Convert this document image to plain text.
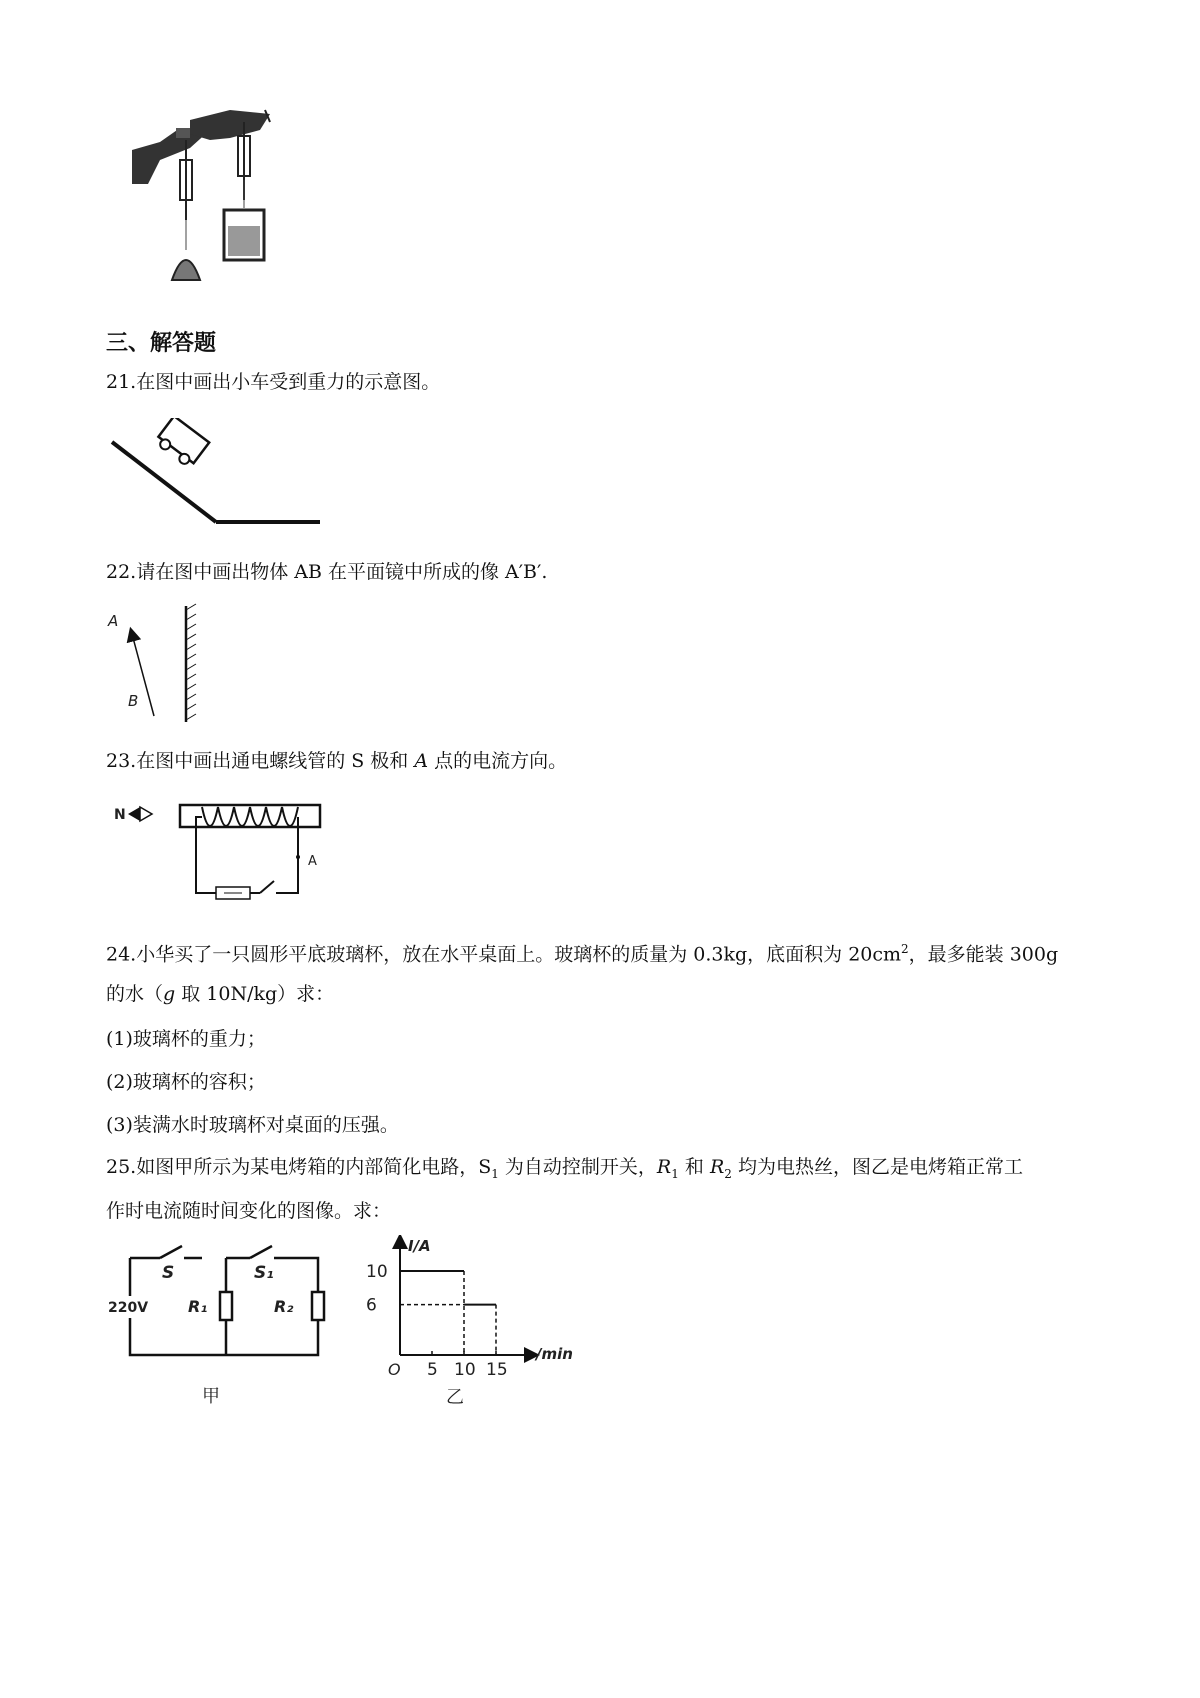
三、解答题
21.在图中画出小车受到重力的示意图。
22.请在图中画出物体 AB 在平面镜中所成的像 A′B′.
A
B
23.在图中画出通电螺线管的 S 极和 A 点的电流方向。
N
A
24.小华买了一只圆形平底玻璃杯，放在水平桌面上。玻璃杯的质量为 0.3kg，底面积为 $20cm^2$，最多能装 300g
的水（g 取 10N/kg）求：
(1)玻璃杯的重力；
(2)玻璃杯的容积；
(3)装满水时玻璃杯对桌面的压强。
25.如图甲所示为某电烤箱的内部简化电路，$S_1$ 为自动控制开关，$R_1$ 和 $R_2$ 均为电热丝，图乙是电烤箱正常工
作时电流随时间变化的图像。求：
S	S₁
220V R₁	R₂
甲
10
6
5 10 15
I/A
/min
O
乙
